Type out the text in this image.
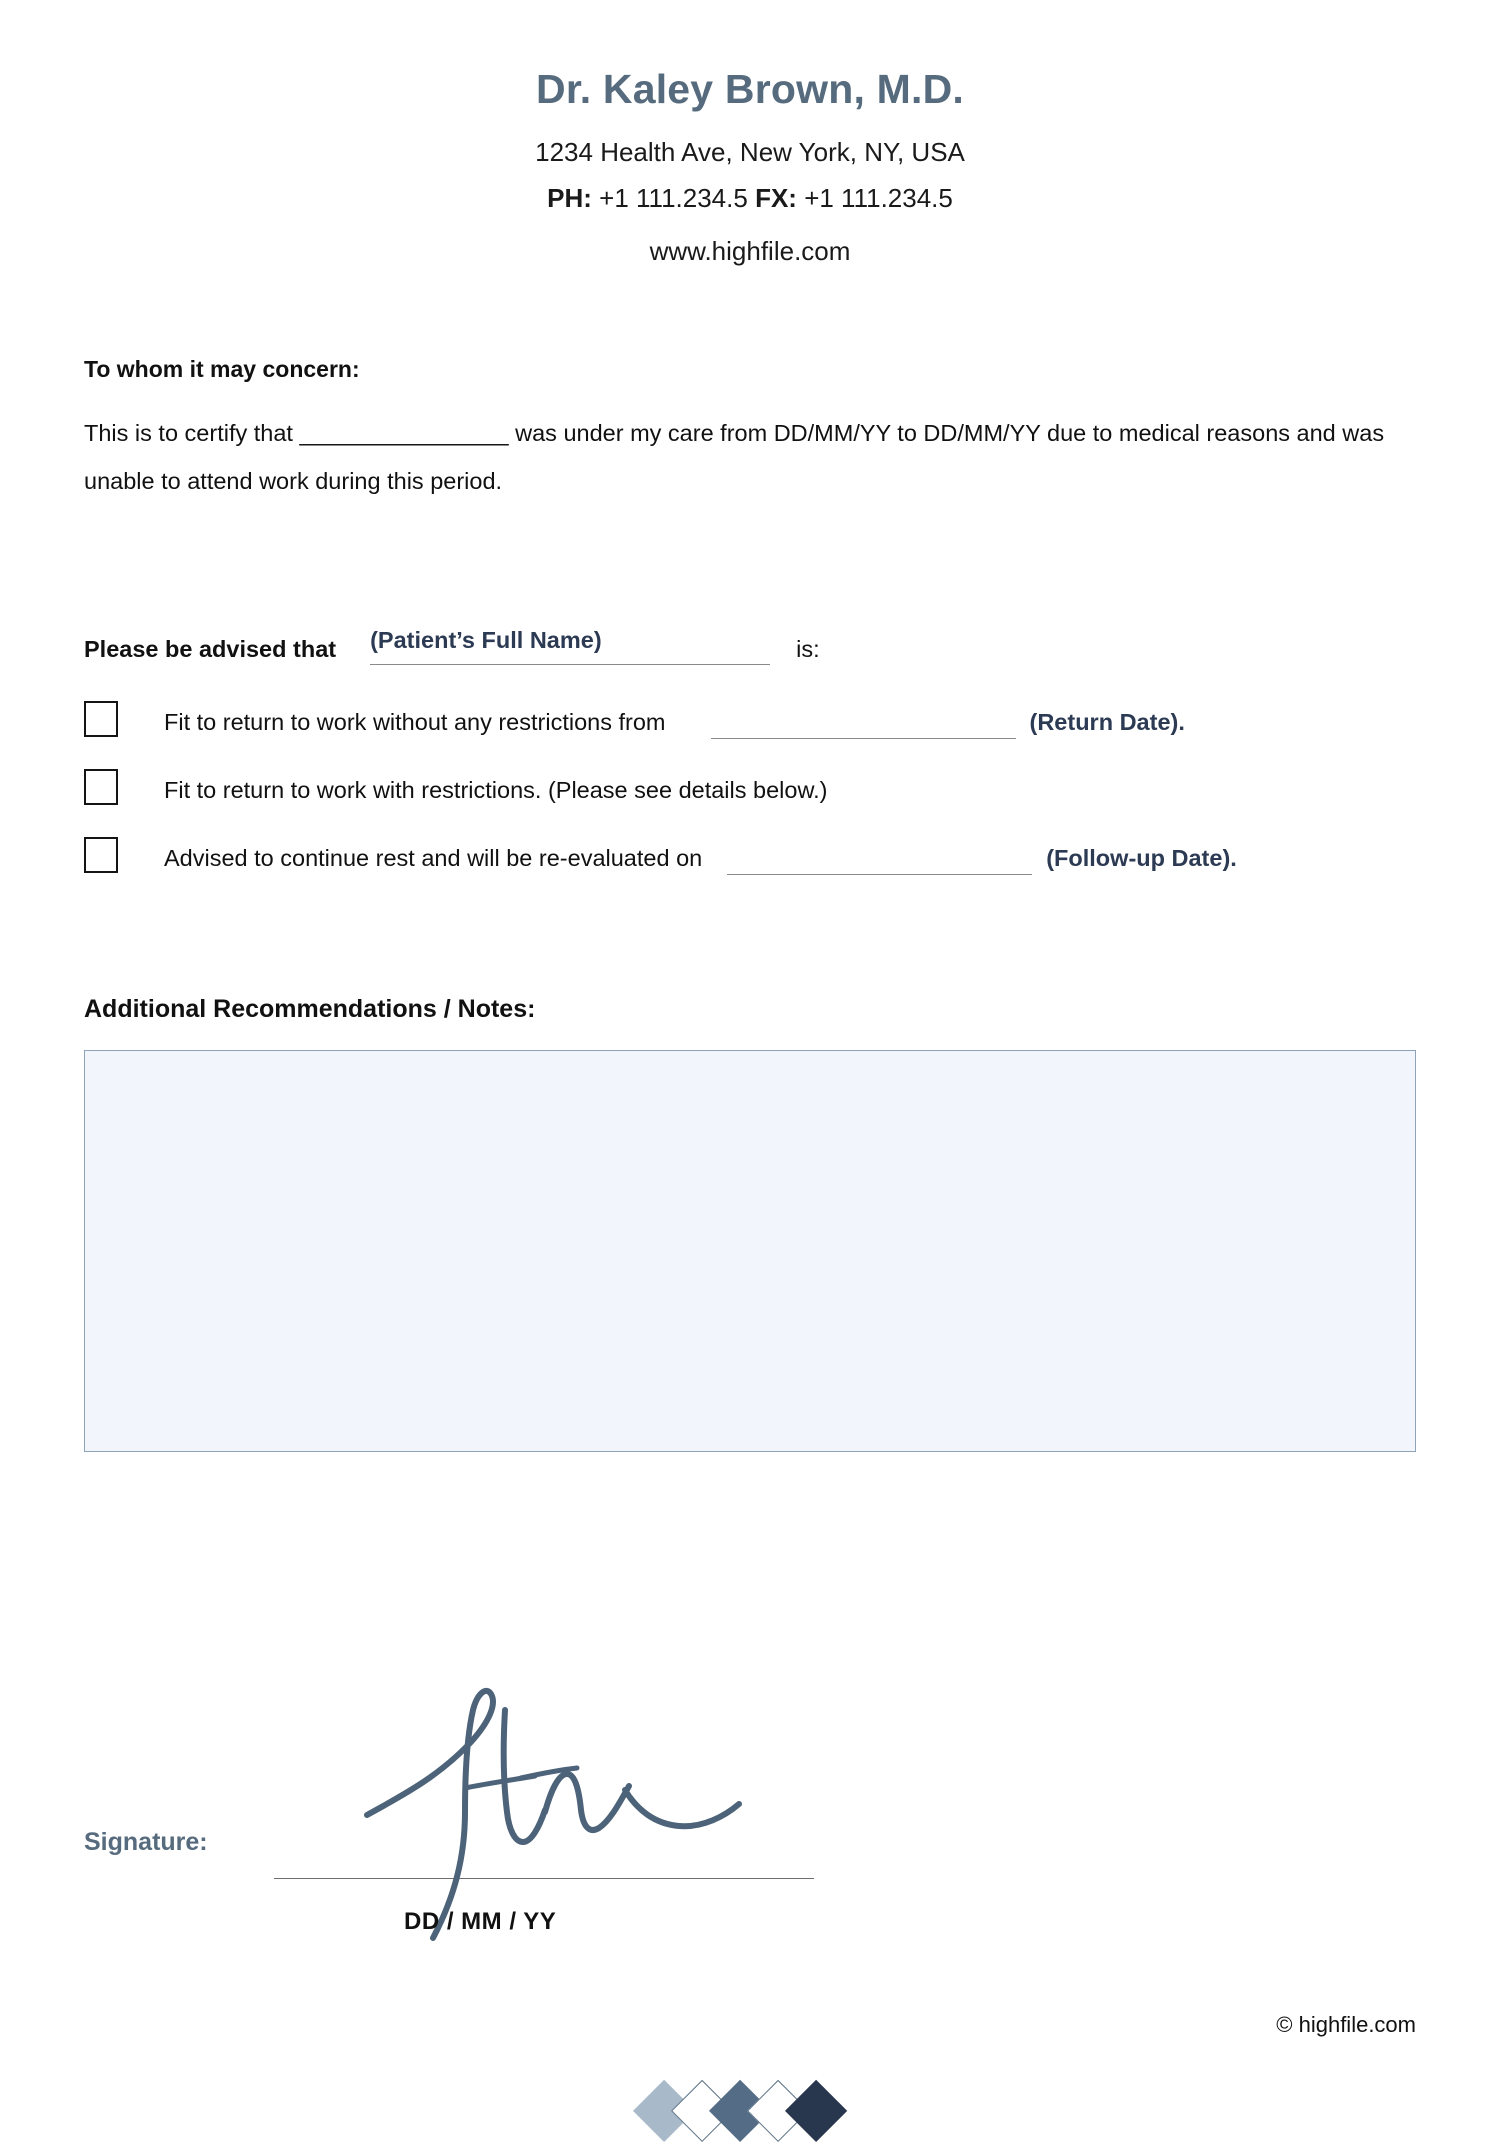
Dr. Kaley Brown, M.D.
1234 Health Ave, New York, NY, USA
PH: +1 111.234.5 FX: +1 111.234.5
www.highfile.com
To whom it may concern:
This is to certify that ________________ was under my care from DD/MM/YY to DD/MM/YY due to medical reasons and was unable to attend work during this period.
Please be advised that (Patient’s Full Name)	is:
Fit to return to work without any restrictions from	(Return Date).
Fit to return to work with restrictions. (Please see details below.)
Advised to continue rest and will be re-evaluated on	(Follow-up Date).
Additional Recommendations / Notes:
Signature:
DD / MM / YY
© highfile.com
